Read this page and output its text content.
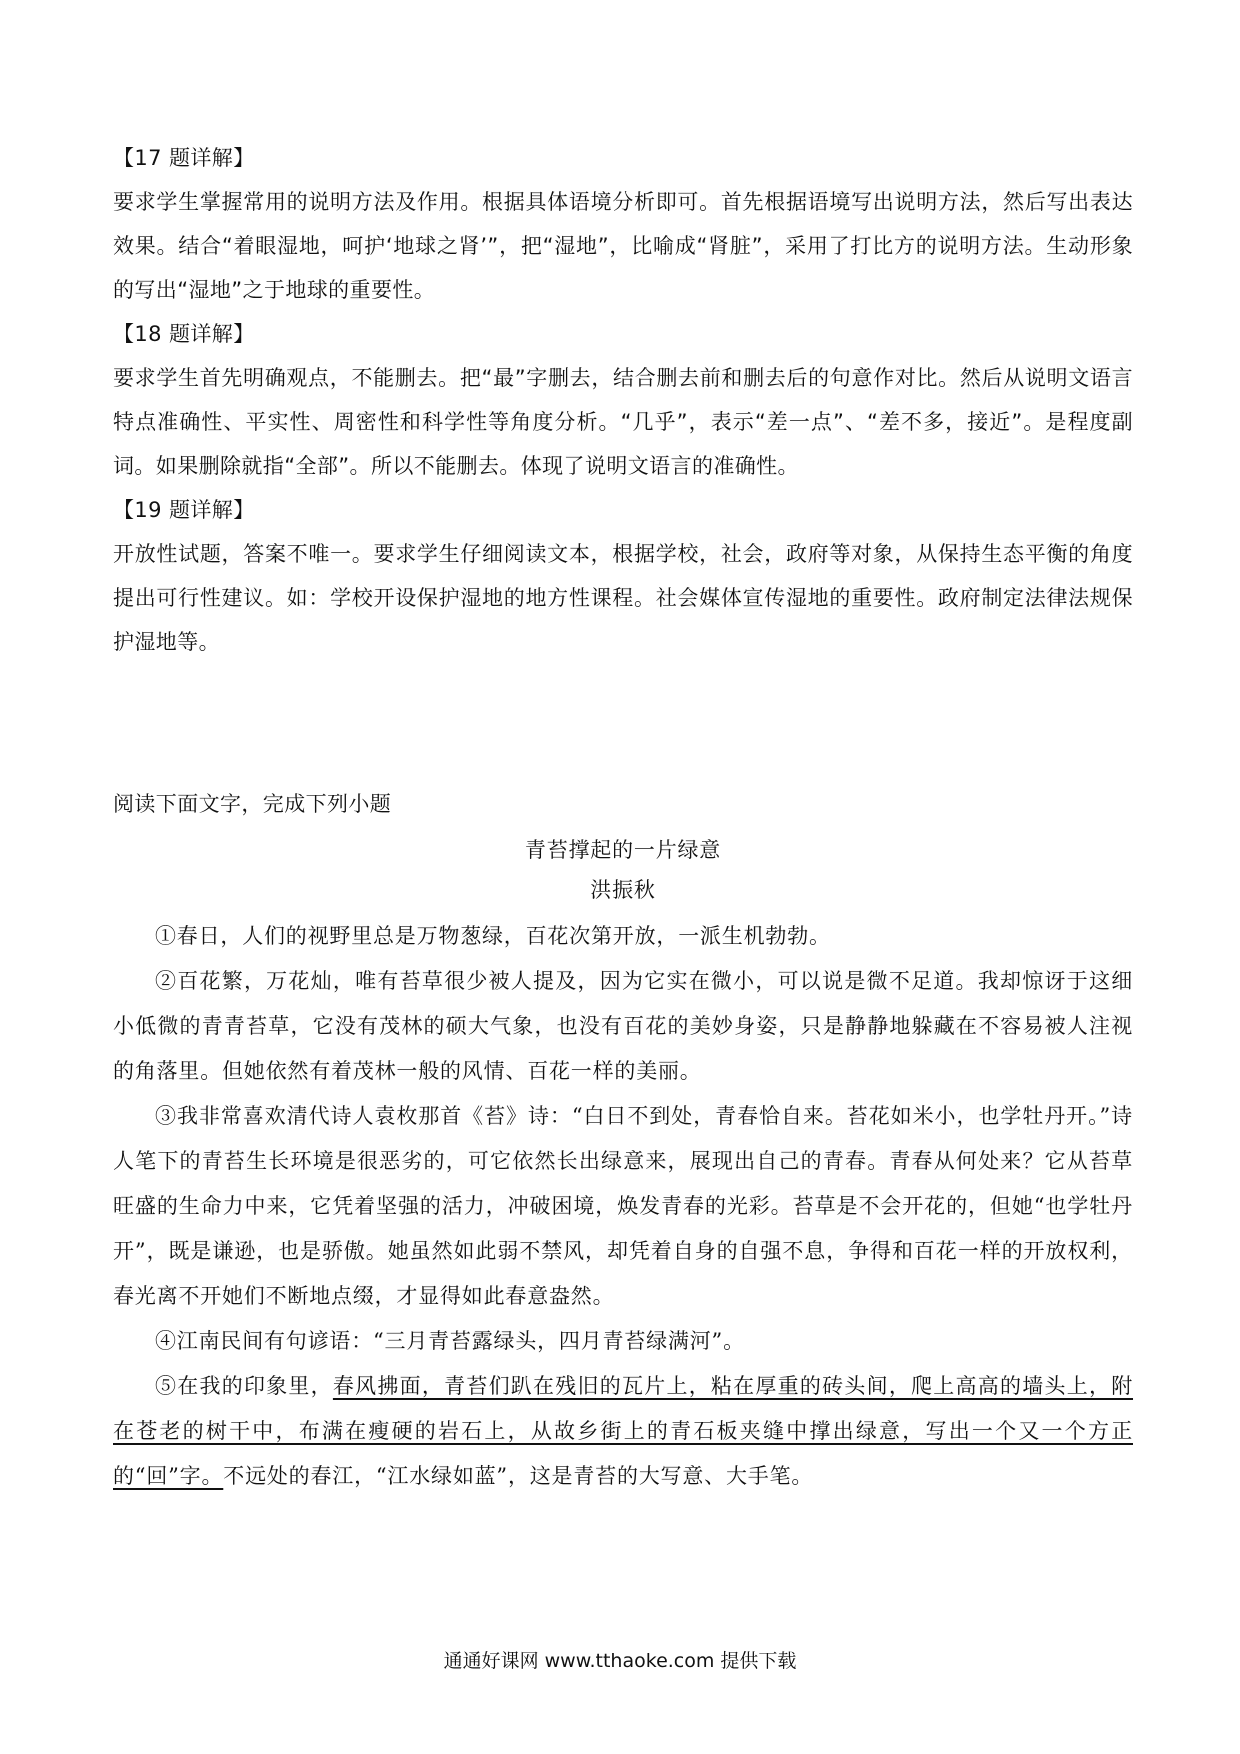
【17 题详解】

要求学生掌握常用的说明方法及作用。根据具体语境分析即可。首先根据语境写出说明方法，然后写出表达效果。结合“着眼湿地，呵护‘地球之肾’”，把“湿地”，比喻成“肾脏”，采用了打比方的说明方法。生动形象的写出“湿地”之于地球的重要性。

【18 题详解】

要求学生首先明确观点，不能删去。把“最”字删去，结合删去前和删去后的句意作对比。然后从说明文语言特点准确性、平实性、周密性和科学性等角度分析。“几乎”，表示“差一点”、“差不多，接近”。是程度副词。如果删除就指“全部”。所以不能删去。体现了说明文语言的准确性。

【19 题详解】

开放性试题，答案不唯一。要求学生仔细阅读文本，根据学校，社会，政府等对象，从保持生态平衡的角度提出可行性建议。如：学校开设保护湿地的地方性课程。社会媒体宣传湿地的重要性。政府制定法律法规保护湿地等。

阅读下面文字，完成下列小题

青苔撑起的一片绿意

洪振秋

①春日，人们的视野里总是万物葱绿，百花次第开放，一派生机勃勃。

②百花繁，万花灿，唯有苔草很少被人提及，因为它实在微小，可以说是微不足道。我却惊讶于这细小低微的青青苔草，它没有茂林的硕大气象，也没有百花的美妙身姿，只是静静地躲藏在不容易被人注视的角落里。但她依然有着茂林一般的风情、百花一样的美丽。

③我非常喜欢清代诗人袁枚那首《苔》诗：“白日不到处，青春恰自来。苔花如米小，也学牡丹开。”诗人笔下的青苔生长环境是很恶劣的，可它依然长出绿意来，展现出自己的青春。青春从何处来？它从苔草旺盛的生命力中来，它凭着坚强的活力，冲破困境，焕发青春的光彩。苔草是不会开花的，但她“也学牡丹开”，既是谦逊，也是骄傲。她虽然如此弱不禁风，却凭着自身的自强不息，争得和百花一样的开放权利，春光离不开她们不断地点缀，才显得如此春意盎然。

④江南民间有句谚语：“三月青苔露绿头，四月青苔绿满河”。

⑤在我的印象里，春风拂面，青苔们趴在残旧的瓦片上，粘在厚重的砖头间，爬上高高的墙头上，附在苍老的树干中，布满在瘦硬的岩石上，从故乡街上的青石板夹缝中撑出绿意，写出一个又一个方正的“回”字。不远处的春江，“江水绿如蓝”，这是青苔的大写意、大手笔。

通通好课网 www.tthaoke.com 提供下载
